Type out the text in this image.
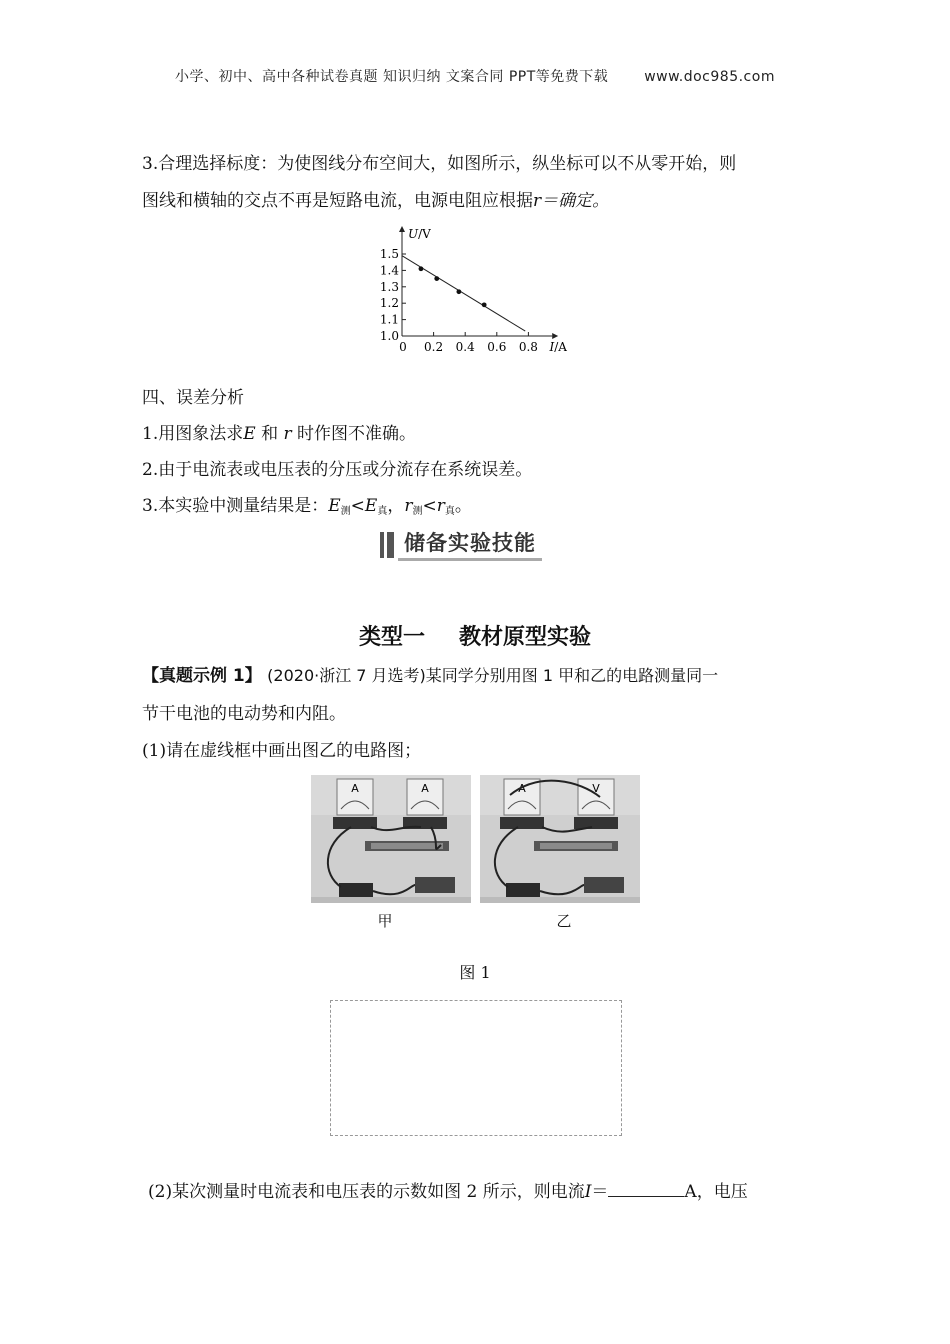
小学、初中、高中各种试卷真题 知识归纳 文案合同 PPT等免费下载	www.doc985.com
3.合理选择标度：为使图线分布空间大，如图所示，纵坐标可以不从零开始，则
图线和横轴的交点不再是短路电流，电源电阻应根据r＝确定。
1.0
1.1
1.2
1.3
1.4
1.5
0 0.2 0.4 0.6 0.8
U/V
I/A
四、误差分析
1.用图象法求E 和 r 时作图不准确。
2.由于电流表或电压表的分压或分流存在系统误差。
3.本实验中测量结果是：E测<E真，r测<r真。
储备实验技能
类型一 教材原型实验
【真题示例 1】 (2020·浙江 7 月选考)某同学分别用图 1 甲和乙的电路测量同一
节干电池的电动势和内阻。
(1)请在虚线框中画出图乙的电路图；
A	A	A	V
甲	乙
图 1
(2)某次测量时电流表和电压表的示数如图 2 所示，则电流I＝	A，电压
